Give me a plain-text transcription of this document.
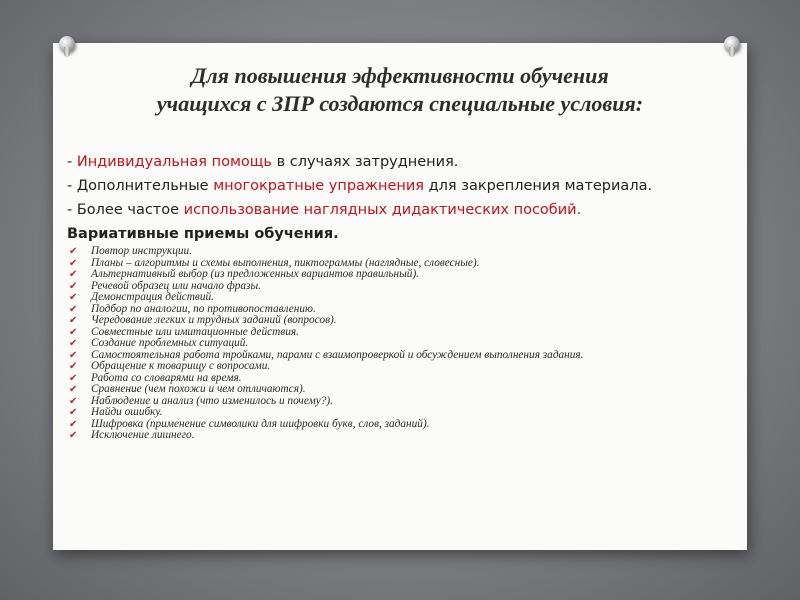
Для повышения эффективности обучения
учащихся с ЗПР создаются специальные условия:
- Индивидуальная помощь в случаях затруднения.
- Дополнительные многократные упражнения для закрепления материала.
- Более частое использование наглядных дидактических пособий.
Вариативные приемы обучения.
✔ Повтор инструкции.
✔ Планы – алгоритмы и схемы выполнения, пиктограммы (наглядные, словесные).
✔ Альтернативный выбор (из предложенных вариантов правильный).
✔ Речевой образец или начало фразы.
✔ Демонстрация действий.
✔ Подбор по аналогии, по противопоставлению.
✔ Чередование легких и трудных заданий (вопросов).
✔ Совместные или имитационные действия.
✔ Создание проблемных ситуаций.
✔ Самостоятельная работа тройками, парами с взаимопроверкой и обсуждением выполнения задания.
✔ Обращение к товарищу с вопросами.
✔ Работа со словарями на время.
✔ Сравнение (чем похожи и чем отличаются).
✔ Наблюдение и анализ (что изменилось и почему?).
✔ Найди ошибку.
✔ Шифровка (применение символики для шифровки букв, слов, заданий).
✔ Исключение лишнего.
